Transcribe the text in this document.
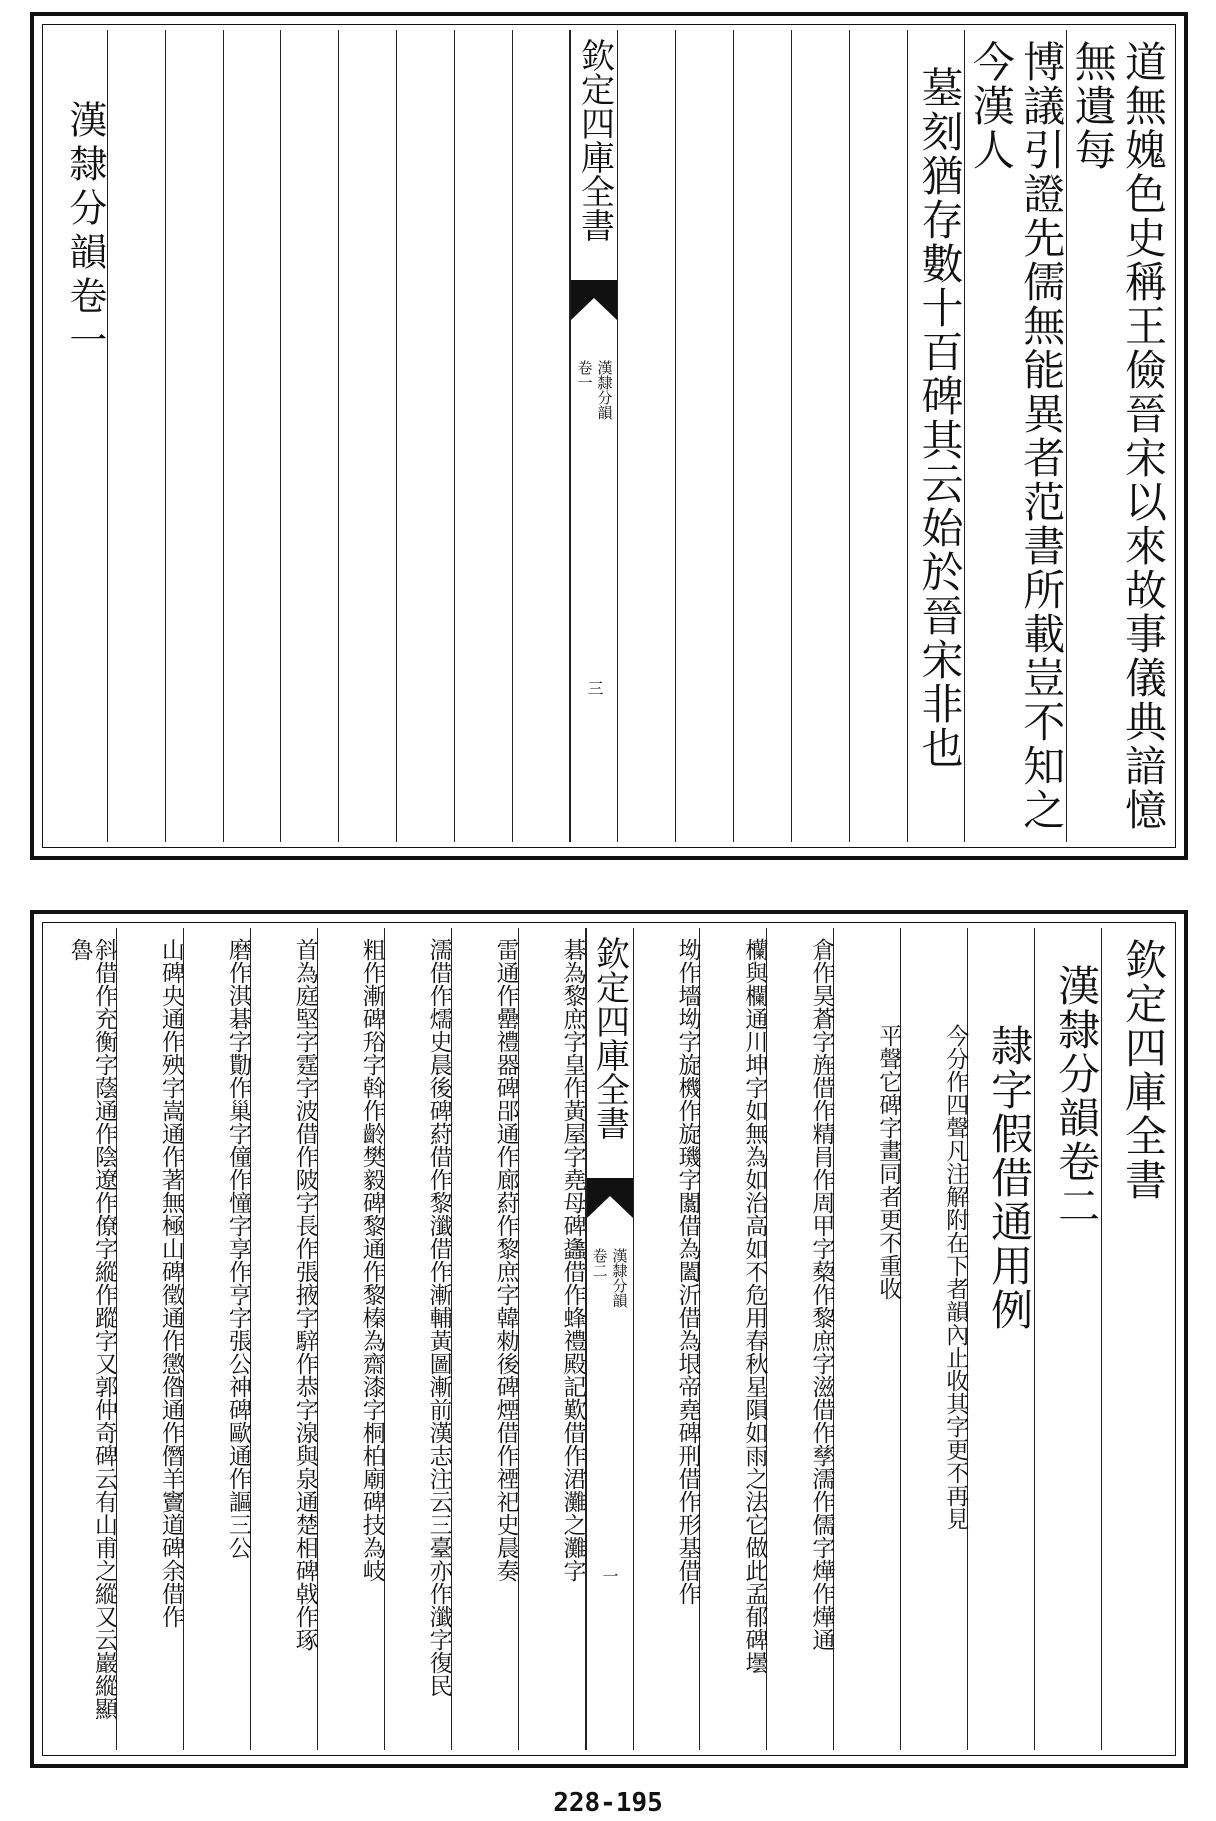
道無媿色史稱王儉晉宋以來故事儀典諳憶無遺每
博議引證先儒無能異者范書所載豈不知之今漢人
墓刻猶存數十百碑其云始於晉宋非也
欽定四庫全書
漢隸分韻
卷一
三
漢隸分韻卷一
欽定四庫全書
漢隸分韻卷二
隷字假借通用例
今分作四聲凡注解附在下者韻內止收其字更不再見
平聲它碑字畫同者更不重收
倉作昊蒼字旌借作精肙作周甲字蔾作黎庶字滋借作孳濡作儒字燁作燁通
欗與欄通川坤字如無為如治高如不危用春秋星隕如雨之法它做此孟郁碑壜
坳作墻坳字旋機作旋璣字闟借為闔沂借為垠帝堯碑刑借作形基借作
欽定四庫全書
漢隸分韻
卷二
一
碁為黎庶字皇作黃屋字堯母碑蠭借作蜂禮殿記歎借作涒灘之灘字
雷通作罍禮器碑郘通作廊葤作黎庶字韓勑後碑煙借作禋祀史晨奏
濡借作燸史晨後碑葤借作黎瀸借作漸輔黃圖漸前漢志注云三臺亦作瀸字復民
粗作漸碑谸字斡作齡樊毅碑黎通作黎榛為齋漆字桐柏廟碑技為岐
首為庭堅字霆字波借作陂字長作張掖字騂作恭字湶與泉通楚相碑㦸作琢
磨作淇碁字勩作巢字僮作憧字享作亨字張公神碑歐通作謳三公
山碑央通作殃字嵩通作著無極山碑徵通作懲偺通作僭羊竇道碑余借作
斜借作充衡字蔭通作陰遼作僚字縱作蹤字又郭仲奇碑云有山甫之縱又云巖縱顯魯
228-195
